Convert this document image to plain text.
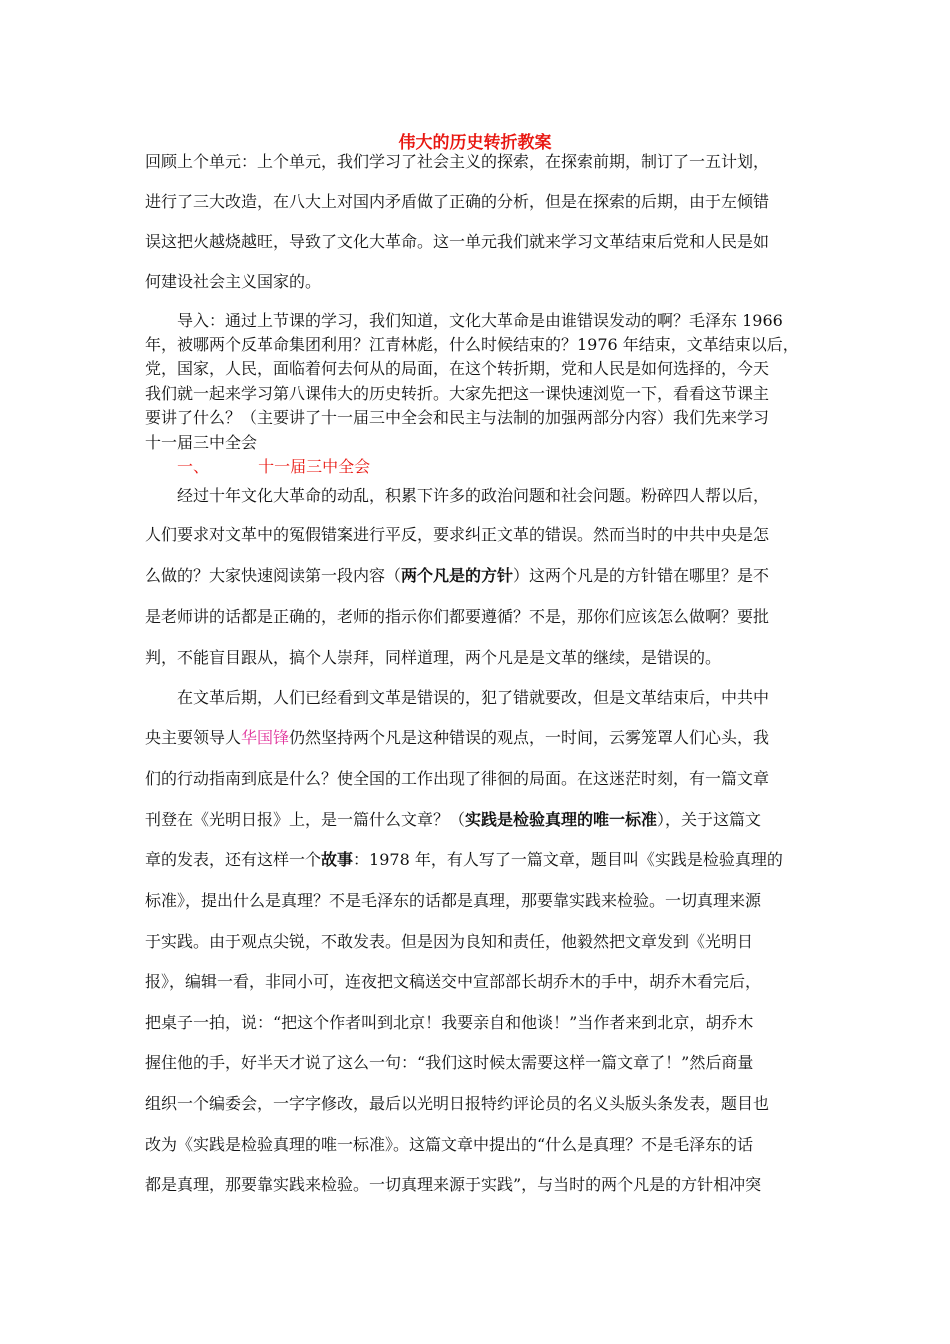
伟大的历史转折教案
回顾上个单元：上个单元，我们学习了社会主义的探索，在探索前期，制订了一五计划，
进行了三大改造，在八大上对国内矛盾做了正确的分析，但是在探索的后期，由于左倾错
误这把火越烧越旺，导致了文化大革命。这一单元我们就来学习文革结束后党和人民是如
何建设社会主义国家的。
导入：通过上节课的学习，我们知道，文化大革命是由谁错误发动的啊？毛泽东 1966
年，被哪两个反革命集团利用？江青林彪，什么时候结束的？1976 年结束，文革结束以后，
党，国家，人民，面临着何去何从的局面，在这个转折期，党和人民是如何选择的，今天
我们就一起来学习第八课伟大的历史转折。大家先把这一课快速浏览一下，看看这节课主
要讲了什么？（主要讲了十一届三中全会和民主与法制的加强两部分内容）我们先来学习
十一届三中全会
一、	十一届三中全会
经过十年文化大革命的动乱，积累下许多的政治问题和社会问题。粉碎四人帮以后，
人们要求对文革中的冤假错案进行平反，要求纠正文革的错误。然而当时的中共中央是怎
么做的？大家快速阅读第一段内容（两个凡是的方针）这两个凡是的方针错在哪里？是不
是老师讲的话都是正确的，老师的指示你们都要遵循？不是，那你们应该怎么做啊？要批
判，不能盲目跟从，搞个人崇拜，同样道理，两个凡是是文革的继续，是错误的。
在文革后期，人们已经看到文革是错误的，犯了错就要改，但是文革结束后，中共中
央主要领导人华国锋仍然坚持两个凡是这种错误的观点，一时间，云雾笼罩人们心头，我
们的行动指南到底是什么？使全国的工作出现了徘徊的局面。在这迷茫时刻，有一篇文章
刊登在《光明日报》上，是一篇什么文章？（实践是检验真理的唯一标准），关于这篇文
章的发表，还有这样一个故事：1978 年，有人写了一篇文章，题目叫《实践是检验真理的
标准》，提出什么是真理？不是毛泽东的话都是真理，那要靠实践来检验。一切真理来源
于实践。由于观点尖锐，不敢发表。但是因为良知和责任，他毅然把文章发到《光明日
报》，编辑一看，非同小可，连夜把文稿送交中宣部部长胡乔木的手中，胡乔木看完后，
把桌子一拍，说：“把这个作者叫到北京！我要亲自和他谈！”当作者来到北京，胡乔木
握住他的手，好半天才说了这么一句：“我们这时候太需要这样一篇文章了！”然后商量
组织一个编委会，一字字修改，最后以光明日报特约评论员的名义头版头条发表，题目也
改为《实践是检验真理的唯一标准》。这篇文章中提出的“什么是真理？不是毛泽东的话
都是真理，那要靠实践来检验。一切真理来源于实践”，与当时的两个凡是的方针相冲突
